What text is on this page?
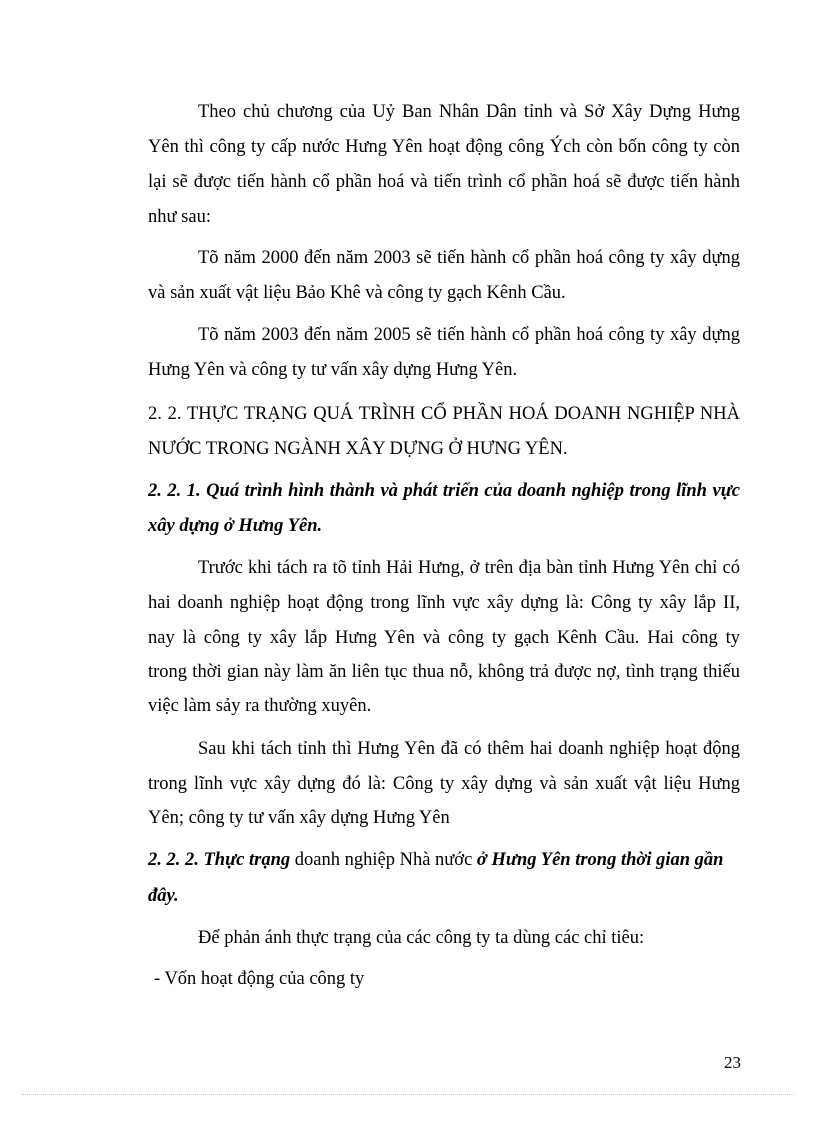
Theo chủ chương của Uỷ Ban Nhân Dân tỉnh và Sở Xây Dựng Hưng
Yên thì công ty cấp nước Hưng Yên hoạt động công Ých còn bốn công ty còn
lại sẽ được tiến hành cổ phần hoá và tiến trình cổ phần hoá sẽ được tiến hành
như sau:
Tõ năm 2000 đến năm 2003 sẽ tiến hành cổ phần hoá công ty xây dựng
và sản xuất vật liệu Bảo Khê và công ty gạch Kênh Cầu.
Tõ năm 2003 đến năm 2005 sẽ tiến hành cổ phần hoá công ty xây dựng
Hưng Yên và công ty tư vấn xây dựng Hưng Yên.
2. 2. THỰC TRẠNG QUÁ TRÌNH CỔ PHẦN HOÁ DOANH NGHIỆP NHÀ
NƯỚC TRONG NGÀNH XÂY DỰNG Ở HƯNG YÊN.
2. 2. 1. Quá trình hình thành và phát triển của doanh nghiệp trong lĩnh vực
xây dựng ở Hưng Yên.
Trước khi tách ra tõ tỉnh Hải Hưng, ở trên địa bàn tỉnh Hưng Yên chỉ có
hai doanh nghiệp hoạt động trong lĩnh vực xây dựng là: Công ty xây lắp II,
nay là công ty xây lắp Hưng Yên và công ty gạch Kênh Cầu. Hai công ty
trong thời gian này làm ăn liên tục thua nỗ, không trả được nợ, tình trạng thiếu
việc làm sảy ra thường xuyên.
Sau khi tách tỉnh thì Hưng Yên đã có thêm hai doanh nghiệp hoạt động
trong lĩnh vực xây dựng đó là: Công ty xây dựng và sản xuất vật liệu Hưng
Yên; công ty tư vấn xây dựng Hưng Yên
2. 2. 2. Thực trạng doanh nghiệp Nhà nước ở Hưng Yên trong thời gian gần
đây.
Để phản ánh thực trạng của các công ty ta dùng các chỉ tiêu:
- Vốn hoạt động của công ty
23
